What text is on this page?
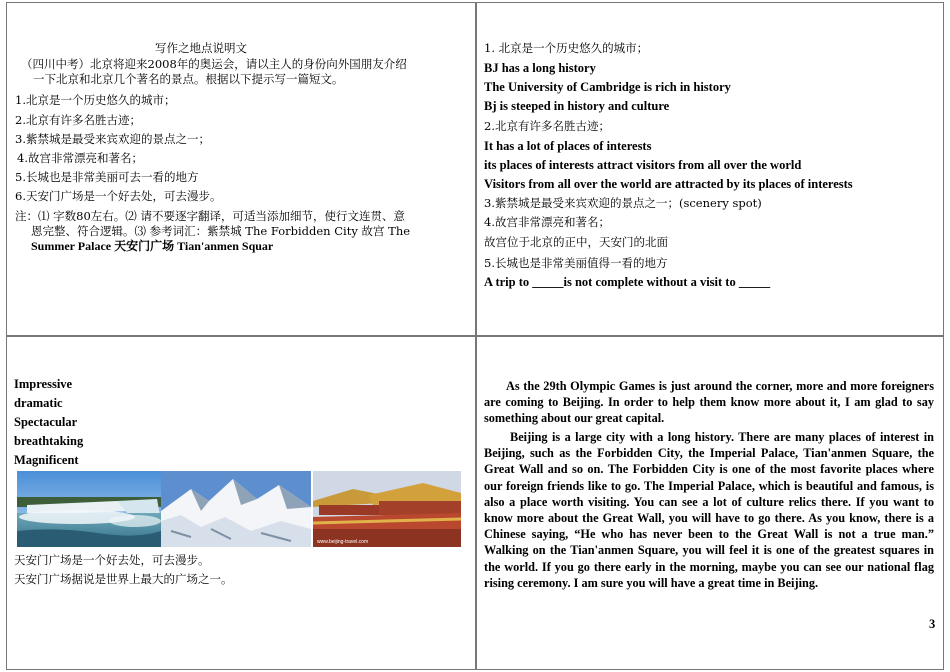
写作之地点说明文
（四川中考）北京将迎来2008年的奥运会，请以主人的身份向外国朋友介绍
一下北京和北京几个著名的景点。根据以下提示写一篇短文。
1.北京是一个历史悠久的城市；
2.北京有许多名胜古迹；
3.紫禁城是最受来宾欢迎的景点之一；
4.故宫非常漂亮和著名；
5.长城也是非常美丽可去一看的地方
6.天安门广场是一个好去处，可去漫步。
注：⑴ 字数80左右。⑵ 请不要逐字翻译，可适当添加细节，使行文连贯、意
恩完整、符合逻辑。⑶ 参考词汇：紫禁城 The Forbidden City 故宫 The
Summer Palace 天安门广场 Tian'anmen Squar
1. 北京是一个历史悠久的城市；
BJ has a long history
The University of Cambridge is rich in history
Bj is steeped in history and culture
2.北京有许多名胜古迹；
It has a lot of places of interests
its places of interests attract visitors from all over the world
Visitors from all over the world are attracted by its places of interests
3.紫禁城是最受来宾欢迎的景点之一；(scenery spot)
4.故宫非常漂亮和著名；
故宫位于北京的正中，天安门的北面
5.长城也是非常美丽值得一看的地方
A trip to _____is not complete without a visit to _____
Impressive
dramatic
Spectacular
breathtaking
Magnificent
www.beijing-travel.com
天安门广场是一个好去处，可去漫步。
天安门广场据说是世界上最大的广场之一。
As the 29th Olympic Games is just around the corner, more and more foreigners are coming to Beijing. In order to help them know more about it, I am glad to say something about our great capital.
Beijing is a large city with a long history. There are many places of interest in Beijing, such as the Forbidden City, the Imperial Palace, Tian'anmen Square, the Great Wall and so on. The Forbidden City is one of the most favorite places where our foreign friends like to go. The Imperial Palace, which is beautiful and famous, is also a place worth visiting. You can see a lot of culture relics there. If you want to know more about the Great Wall, you will have to go there. As you know, there is a Chinese saying, “He who has never been to the Great Wall is not a true man.” Walking on the Tian'anmen Square, you will feel it is one of the greatest squares in the world. If you go there early in the morning, maybe you can see our national flag rising ceremony. I am sure you will have a great time in Beijing.
3
